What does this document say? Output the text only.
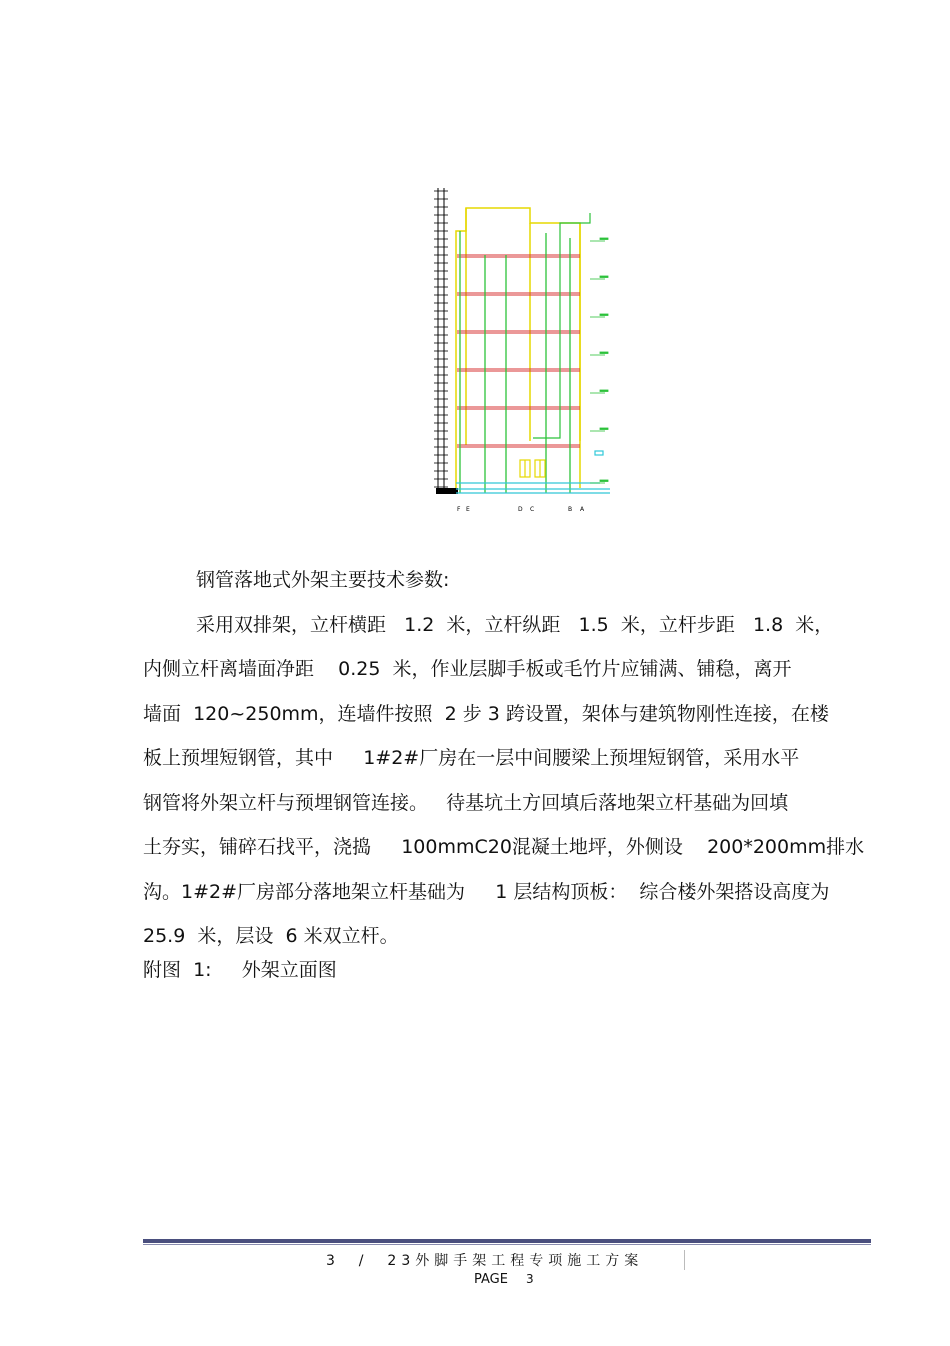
F E	D C	B A
钢管落地式外架主要技术参数:
采用双排架，立杆横距   1.2  米，立杆纵距   1.5  米，立杆步距   1.8  米，
内侧立杆离墙面净距    0.25  米，作业层脚手板或毛竹片应铺满、铺稳，离开
墙面  120~250mm，连墙件按照  2 步 3 跨设置，架体与建筑物刚性连接，在楼
板上预埋短钢管，其中     1#2#厂房在一层中间腰梁上预埋短钢管，采用水平
钢管将外架立杆与预埋钢管连接。   待基坑土方回填后落地架立杆基础为回填
土夯实，铺碎石找平，浇捣     100mmC20混凝土地坪，外侧设    200*200mm排水
沟。1#2#厂房部分落地架立杆基础为     1 层结构顶板：  综合楼外架搭设高度为
25.9  米，层设  6 米双立杆。
附图  1:     外架立面图
3  /  23外脚手架工程专项施工方案
PAGE 3
